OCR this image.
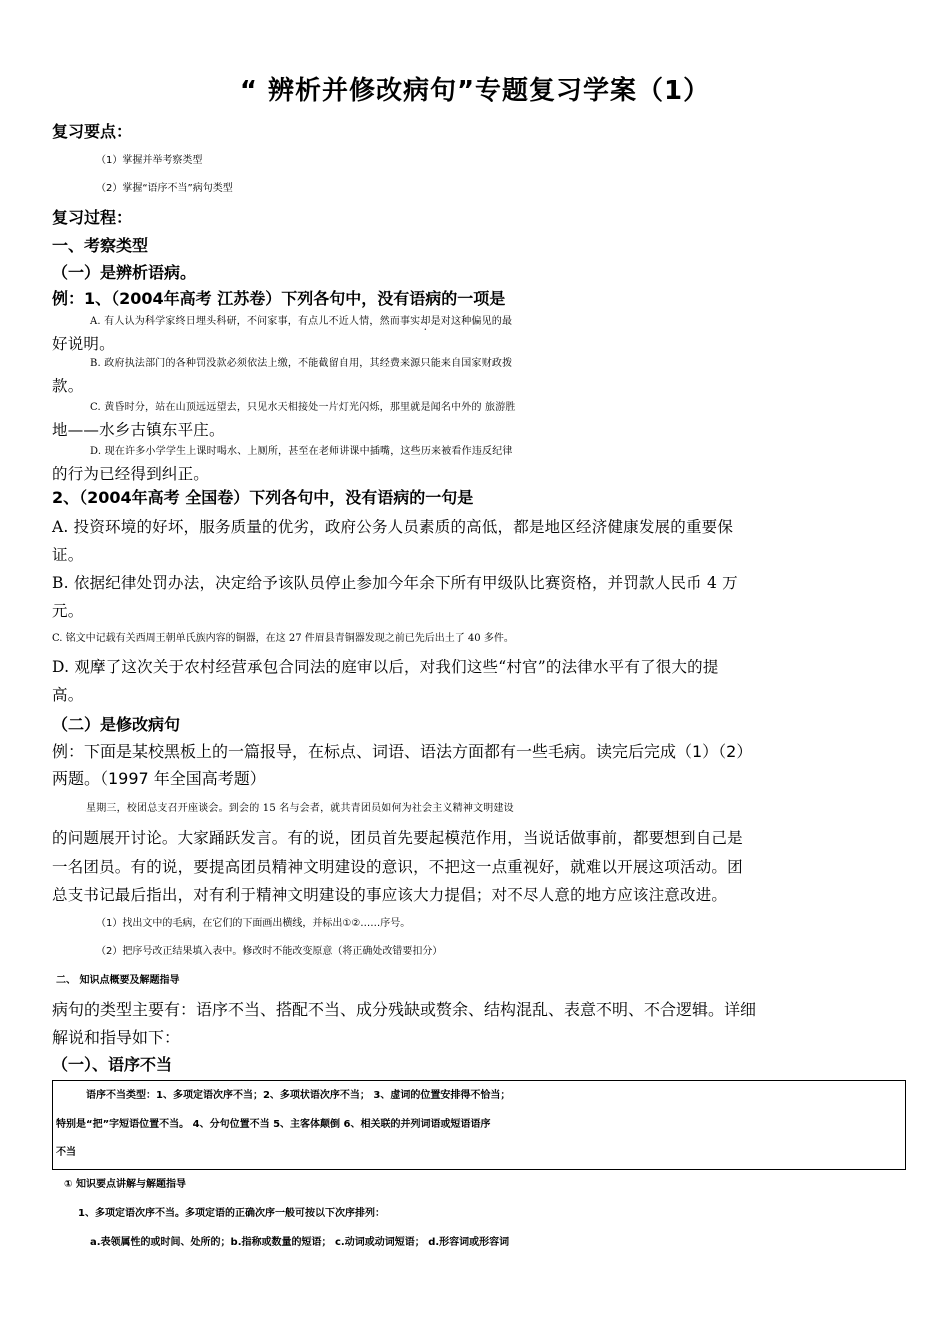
“ 辨析并修改病句”专题复习学案（1）
复习要点：
（1）掌握并举考察类型
（2）掌握“语序不当”病句类型
复习过程：
一、考察类型
（一）是辨析语病。
例：1、（2004年高考 江苏卷）下列各句中，没有语病的一项是
A. 有人认为科学家终日埋头科研，不问家事，有点儿不近人情，然而事实却是对这种偏见的最
好说明。
B. 政府执法部门的各种罚没款必须依法上缴，不能截留自用，其经费来源只能来自国家财政拨
款。
C. 黄昏时分，站在山顶远远望去，只见水天相接处一片灯光闪烁，那里就是闻名中外的 旅游胜
地——水乡古镇东平庄。
D. 现在许多小学学生上课时喝水、上厕所，甚至在老师讲课中插嘴，这些历来被看作违反纪律
的行为已经得到纠正。
2、（2004年高考 全国卷）下列各句中，没有语病的一句是
A. 投资环境的好坏，服务质量的优劣，政府公务人员素质的高低，都是地区经济健康发展的重要保
证。
B. 依据纪律处罚办法，决定给予该队员停止参加今年余下所有甲级队比赛资格，并罚款人民币 4 万
元。
C. 铭文中记载有关西周王朝单氏族内容的铜器，在这 27 件眉县青铜器发现之前已先后出土了 40 多件。
D. 观摩了这次关于农村经营承包合同法的庭审以后，对我们这些“村官”的法律水平有了很大的提
高。
（二）是修改病句
例：下面是某校黑板上的一篇报导，在标点、词语、语法方面都有一些毛病。读完后完成（1）（2）
两题。（1997 年全国高考题）
星期三，校团总支召开座谈会。到会的 15 名与会者，就共青团员如何为社会主义精神文明建设
的问题展开讨论。大家踊跃发言。有的说，团员首先要起模范作用，当说话做事前，都要想到自己是
一名团员。有的说，要提高团员精神文明建设的意识，不把这一点重视好，就难以开展这项活动。团
总支书记最后指出，对有利于精神文明建设的事应该大力提倡；对不尽人意的地方应该注意改进。
（1）找出文中的毛病，在它们的下面画出横线，并标出①②……序号。
（2）把序号改正结果填入表中。修改时不能改变原意（将正确处改错要扣分）
二、 知识点概要及解题指导
病句的类型主要有：语序不当、搭配不当、成分残缺或赘余、结构混乱、表意不明、不合逻辑。详细
解说和指导如下：
（一）、语序不当
语序不当类型：1、多项定语次序不当；2、多项状语次序不当； 3、虚词的位置安排得不恰当；
特别是“把”字短语位置不当。 4、分句位置不当 5、主客体颠倒 6、相关联的并列词语或短语语序
不当
① 知识要点讲解与解题指导
1、多项定语次序不当。多项定语的正确次序一般可按以下次序排列：
a.表领属性的或时间、处所的；b.指称或数量的短语； c.动词或动词短语； d.形容词或形容词
